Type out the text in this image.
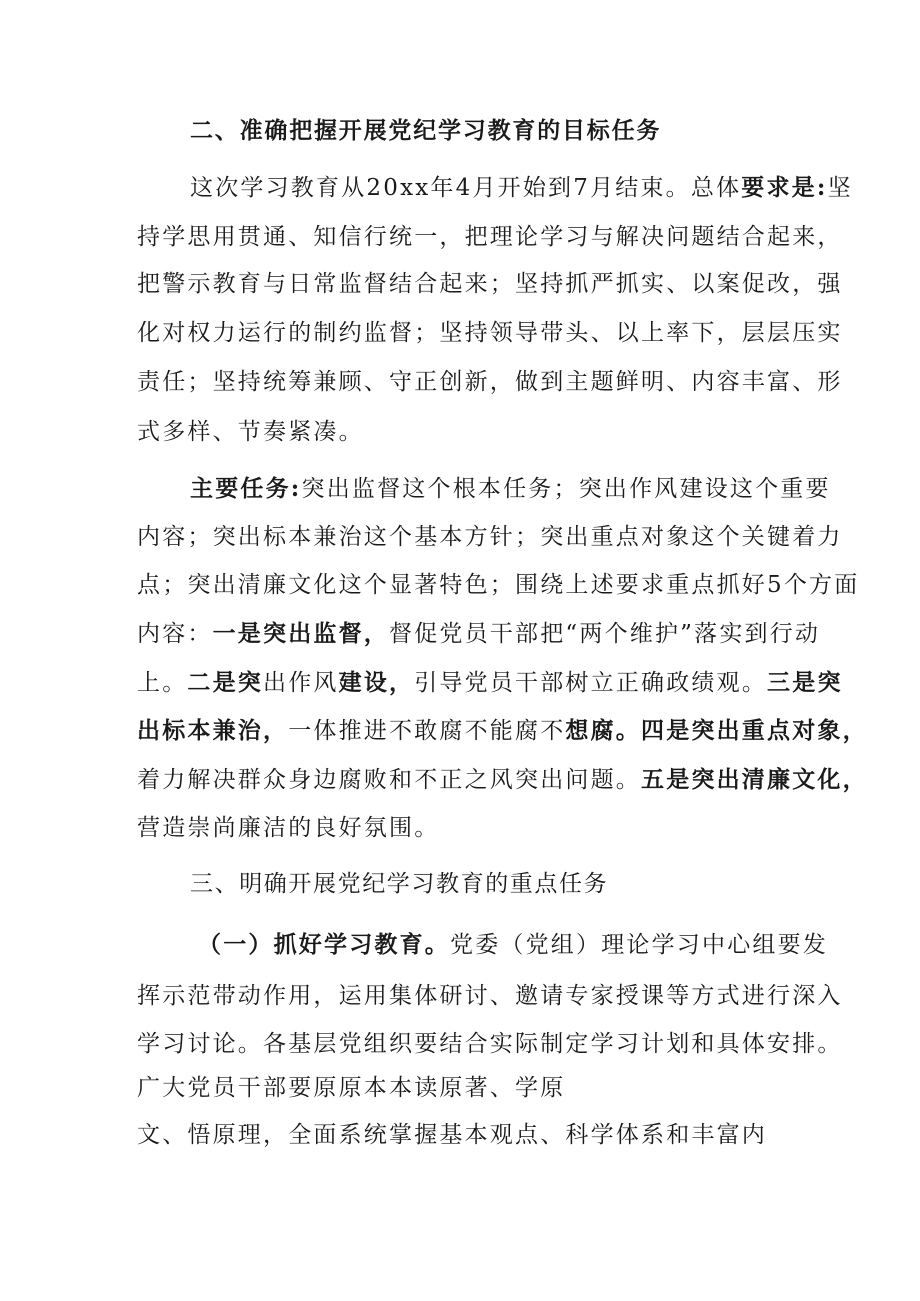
二、准确把握开展党纪学习教育的目标任务
这次学习教育从20xx年4月开始到7月结束。总体要求是:坚
持学思用贯通、知信行统一，把理论学习与解决问题结合起来，
把警示教育与日常监督结合起来；坚持抓严抓实、以案促改，强
化对权力运行的制约监督；坚持领导带头、以上率下，层层压实
责任；坚持统筹兼顾、守正创新，做到主题鲜明、内容丰富、形
式多样、节奏紧凑。
主要任务:突出监督这个根本任务；突出作风建设这个重要
内容；突出标本兼治这个基本方针；突出重点对象这个关键着力
点；突出清廉文化这个显著特色；围绕上述要求重点抓好5个方面
内容：一是突出监督，督促党员干部把“两个维护”落实到行动
上。二是突出作风建设，引导党员干部树立正确政绩观。三是突
出标本兼治，一体推进不敢腐不能腐不想腐。四是突出重点对象，
着力解决群众身边腐败和不正之风突出问题。五是突出清廉文化，
营造崇尚廉洁的良好氛围。
三、明确开展党纪学习教育的重点任务
（一）抓好学习教育。党委（党组）理论学习中心组要发
挥示范带动作用，运用集体研讨、邀请专家授课等方式进行深入
学习讨论。各基层党组织要结合实际制定学习计划和具体安排。
广大党员干部要原原本本读原著、学原
文、悟原理，全面系统掌握基本观点、科学体系和丰富内
